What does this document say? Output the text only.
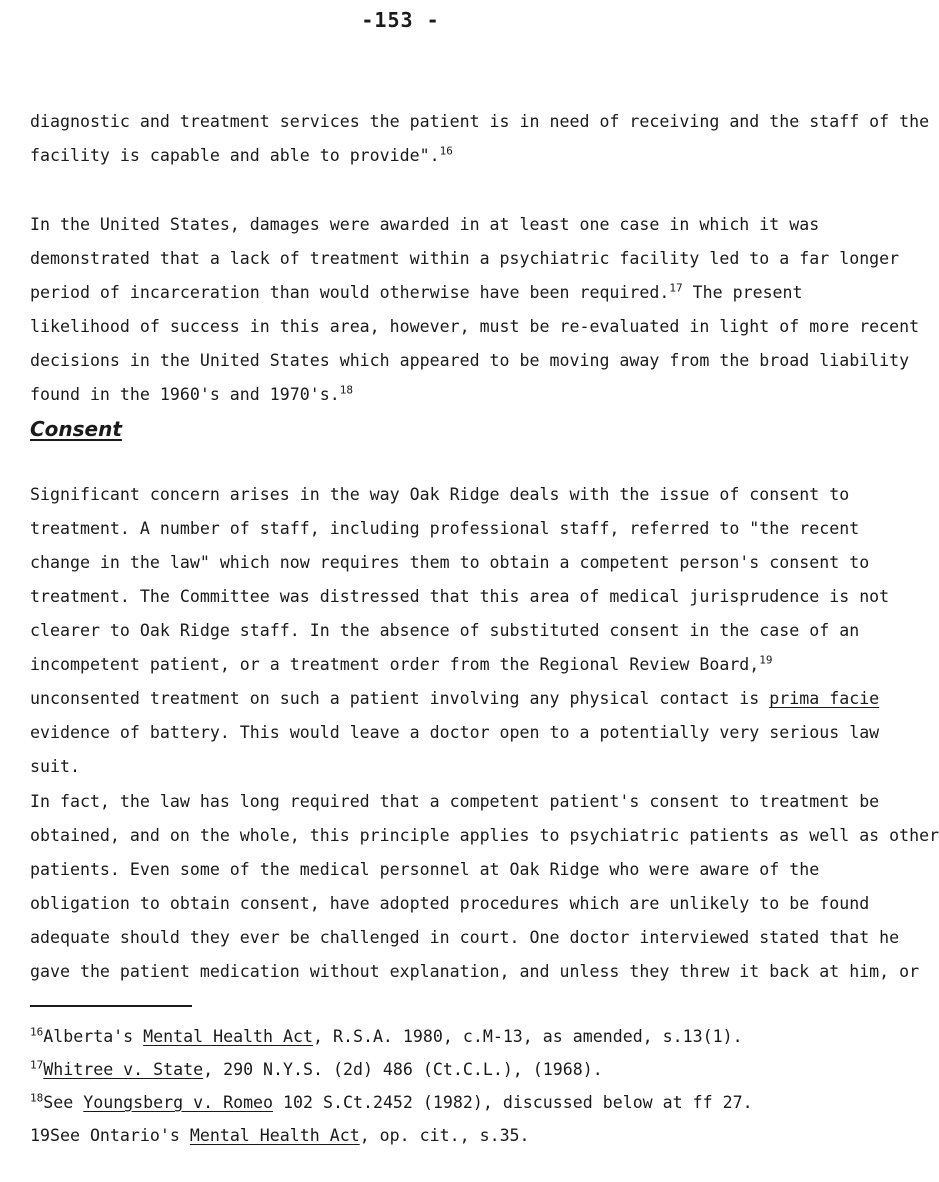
-153 -
diagnostic and treatment services the patient is in need of receiving and the staff of the
facility is capable and able to provide".$^{16}$
In the United States, damages were awarded in at least one case in which it was
demonstrated that a lack of treatment within a psychiatric facility led to a far longer
period of incarceration than would otherwise have been required.$^{17}$ The present
likelihood of success in this area, however, must be re-evaluated in light of more recent
decisions in the United States which appeared to be moving away from the broad liability
found in the 1960's and 1970's.$^{18}$
Consent
Significant concern arises in the way Oak Ridge deals with the issue of consent to
treatment. A number of staff, including professional staff, referred to "the recent
change in the law" which now requires them to obtain a competent person's consent to
treatment. The Committee was distressed that this area of medical jurisprudence is not
clearer to Oak Ridge staff. In the absence of substituted consent in the case of an
incompetent patient, or a treatment order from the Regional Review Board,$^{19}$
unconsented treatment on such a patient involving any physical contact is prima facie
evidence of battery. This would leave a doctor open to a potentially very serious law
suit.
In fact, the law has long required that a competent patient's consent to treatment be
obtained, and on the whole, this principle applies to psychiatric patients as well as other
patients. Even some of the medical personnel at Oak Ridge who were aware of the
obligation to obtain consent, have adopted procedures which are unlikely to be found
adequate should they ever be challenged in court. One doctor interviewed stated that he
gave the patient medication without explanation, and unless they threw it back at him, or
$^{16}$Alberta's Mental Health Act, R.S.A. 1980, c.M-13, as amended, s.13(1).
$^{17}$Whitree v. State, 290 N.Y.S. (2d) 486 (Ct.C.L.), (1968).
$^{18}$See Youngsberg v. Romeo 102 S.Ct.2452 (1982), discussed below at ff 27.
19See Ontario's Mental Health Act, op. cit., s.35.
